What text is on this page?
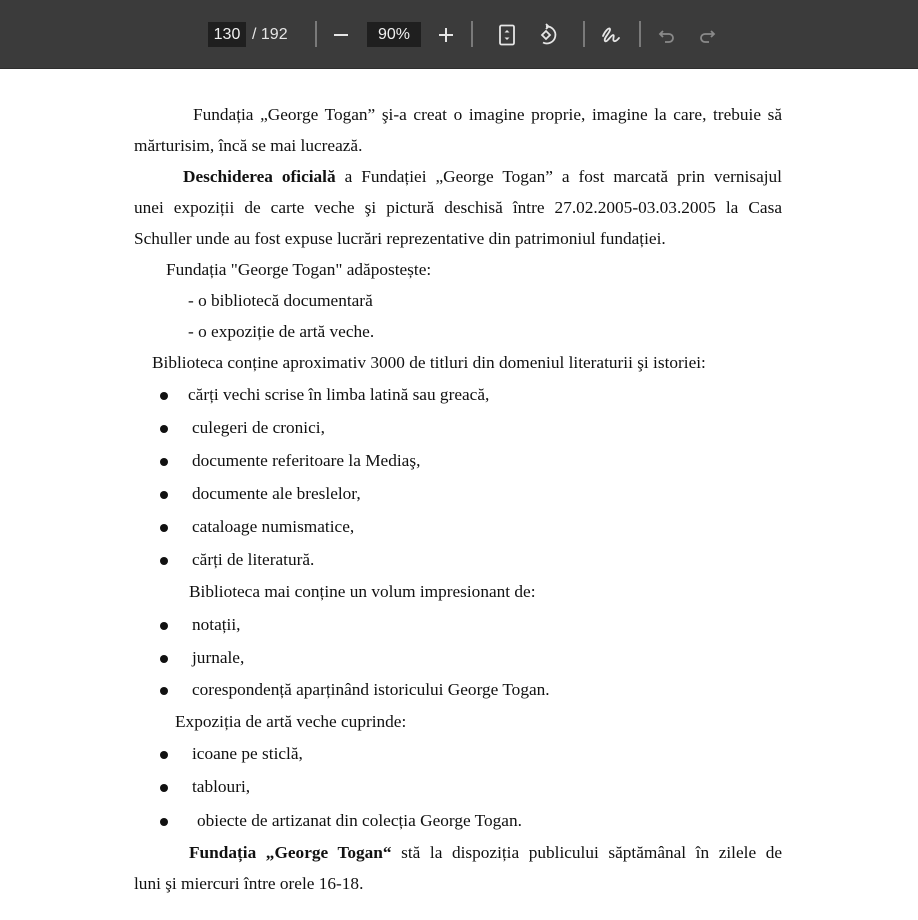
130 / 192	90%
Fundația „George Togan” şi-a creat o imagine proprie, imagine la care, trebuie să
mărturisim, încă se mai lucrează.
Deschiderea oficială a Fundației „George Togan” a fost marcată prin vernisajul
unei expoziții de carte veche şi pictură deschisă între 27.02.2005-03.03.2005 la Casa
Schuller unde au fost expuse lucrări reprezentative din patrimoniul fundației.
Fundația "George Togan" adăpostește:
- o bibliotecă documentară
- o expoziție de artă veche.
Biblioteca conține aproximativ 3000 de titluri din domeniul literaturii şi istoriei:
cărți vechi scrise în limba latină sau greacă,
culegeri de cronici,
documente referitoare la Mediaş,
documente ale breslelor,
cataloage numismatice,
cărți de literatură.
Biblioteca mai conține un volum impresionant de:
notații,
jurnale,
corespondență aparținând istoricului George Togan.
Expoziția de artă veche cuprinde:
icoane pe sticlă,
tablouri,
obiecte de artizanat din colecția George Togan.
Fundația „George Togan“ stă la dispoziția publicului săptămânal în zilele de
luni şi miercuri între orele 16-18.
